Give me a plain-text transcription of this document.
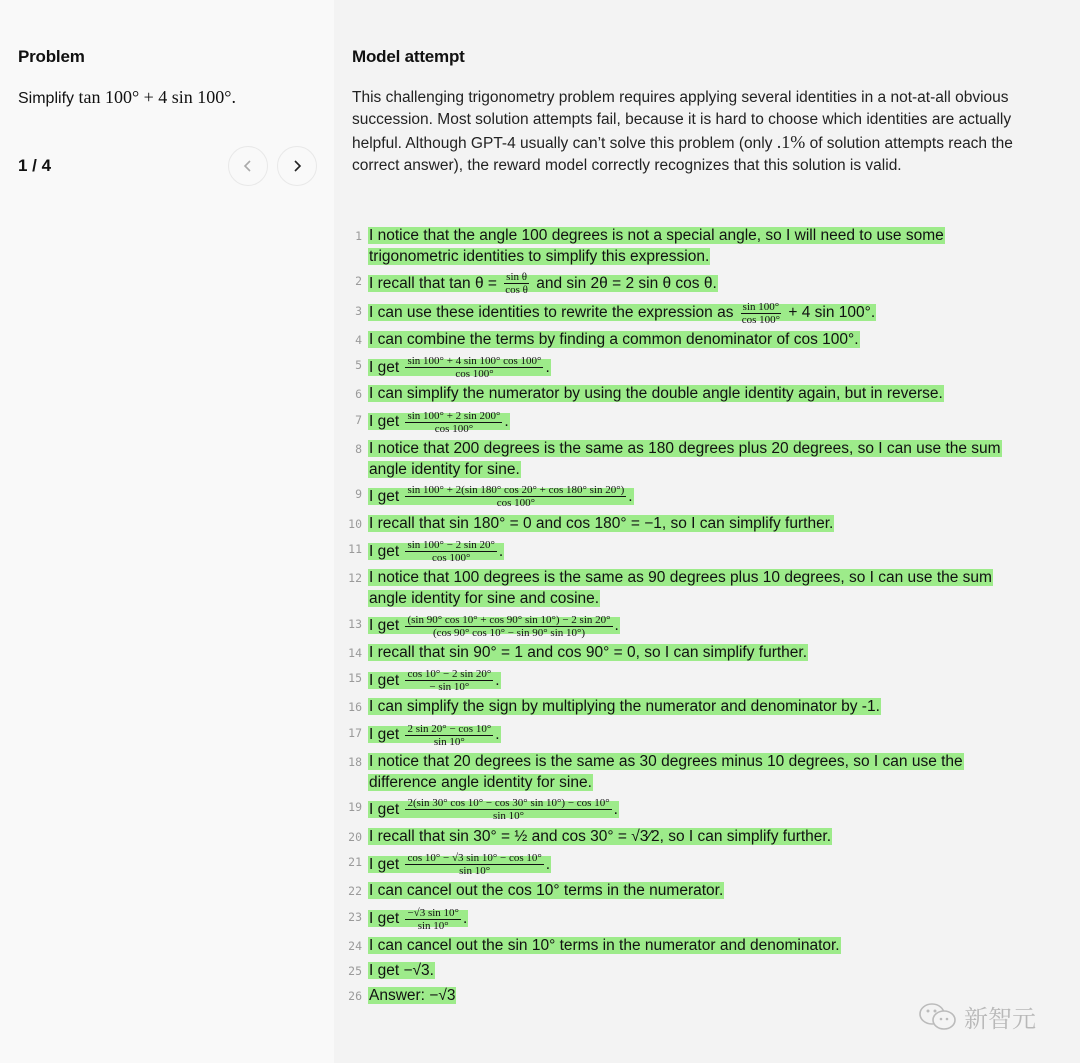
Problem
Simplify tan 100° + 4 sin 100°.
1 / 4
Model attempt
This challenging trigonometry problem requires applying several identities in a not-at-all obvious succession. Most solution attempts fail, because it is hard to choose which identities are actually helpful. Although GPT-4 usually can’t solve this problem (only .1% of solution attempts reach the correct answer), the reward model correctly recognizes that this solution is valid.
1 I notice that the angle 100 degrees is not a special angle, so I will need to use some trigonometric identities to simplify this expression.
2 I recall that $\tan \theta = \frac{\text{sin θ}}{\text{cos θ}}$ and sin 2θ = 2 sin θ cos θ.
3 I can use these identities to rewrite the expression as $\frac{\sin 100^\circ}{\cos 100^\circ} + 4$ sin 100°.
4 I can combine the terms by finding a common denominator of cos 100°.
5 I get $\frac{\sin 100^\circ + 4 \sin 100^\circ \cos 100^\circ}{\cos 100^\circ}$ .
6 I can simplify the numerator by using the double angle identity again, but in reverse.
7 I get $\frac{\sin 100^\circ + 2 \sin 200^\circ}{\cos 100^\circ}$ .
8 I notice that 200 degrees is the same as 180 degrees plus 20 degrees, so I can use the sum angle identity for sine.
9 I get $\frac{\sin 100^\circ + 2(\sin 180^\circ \cos 20^\circ + \cos 180^\circ \sin 20^\circ)}{\cos 100^\circ}$ .
10 I recall that sin 180° = 0 and cos 180° = −1, so I can simplify further.
11 I get $\frac{\sin 100^\circ - 2 \sin 20^\circ}{\cos 100^\circ}$ .
12 I notice that 100 degrees is the same as 90 degrees plus 10 degrees, so I can use the sum angle identity for sine and cosine.
13 I get $\frac{(\sin 90^\circ \cos 10^\circ + \cos 90^\circ \sin 10^\circ) - 2 \sin 20^\circ}{(\cos 90^\circ \cos 10^\circ - \sin 90^\circ \sin 10^\circ)}$ .
14 I recall that sin 90° = 1 and cos 90° = 0, so I can simplify further.
15 I get $\frac{\cos 10^\circ - 2 \sin 20^\circ}{- \sin 10^\circ}$ .
16 I can simplify the sign by multiplying the numerator and denominator by -1.
17 I get $\frac{2 \sin 20^\circ - \cos 10^\circ}{\sin 10^\circ}$ .
18 I notice that 20 degrees is the same as 30 degrees minus 10 degrees, so I can use the difference angle identity for sine.
19 I get $\frac{2(\sin 30^\circ \cos 10^\circ - \cos 30^\circ \sin 10^\circ) - \cos 10^\circ}{\sin 10^\circ}$ .
20 I recall that sin 30° = ½ and cos 30° = √3⁄2, so I can simplify further.
21 I get $\frac{\cos 10^\circ - √3 \sin 10^\circ - \cos 10^\circ}{\sin 10^\circ}$ .
22 I can cancel out the cos 10° terms in the numerator.
23 I get $\frac{-√3 \sin 10^\circ}{\sin 10^\circ}$ .
24 I can cancel out the sin 10° terms in the numerator and denominator.
25 I get −√3.
26 Answer: −√3
新智元
